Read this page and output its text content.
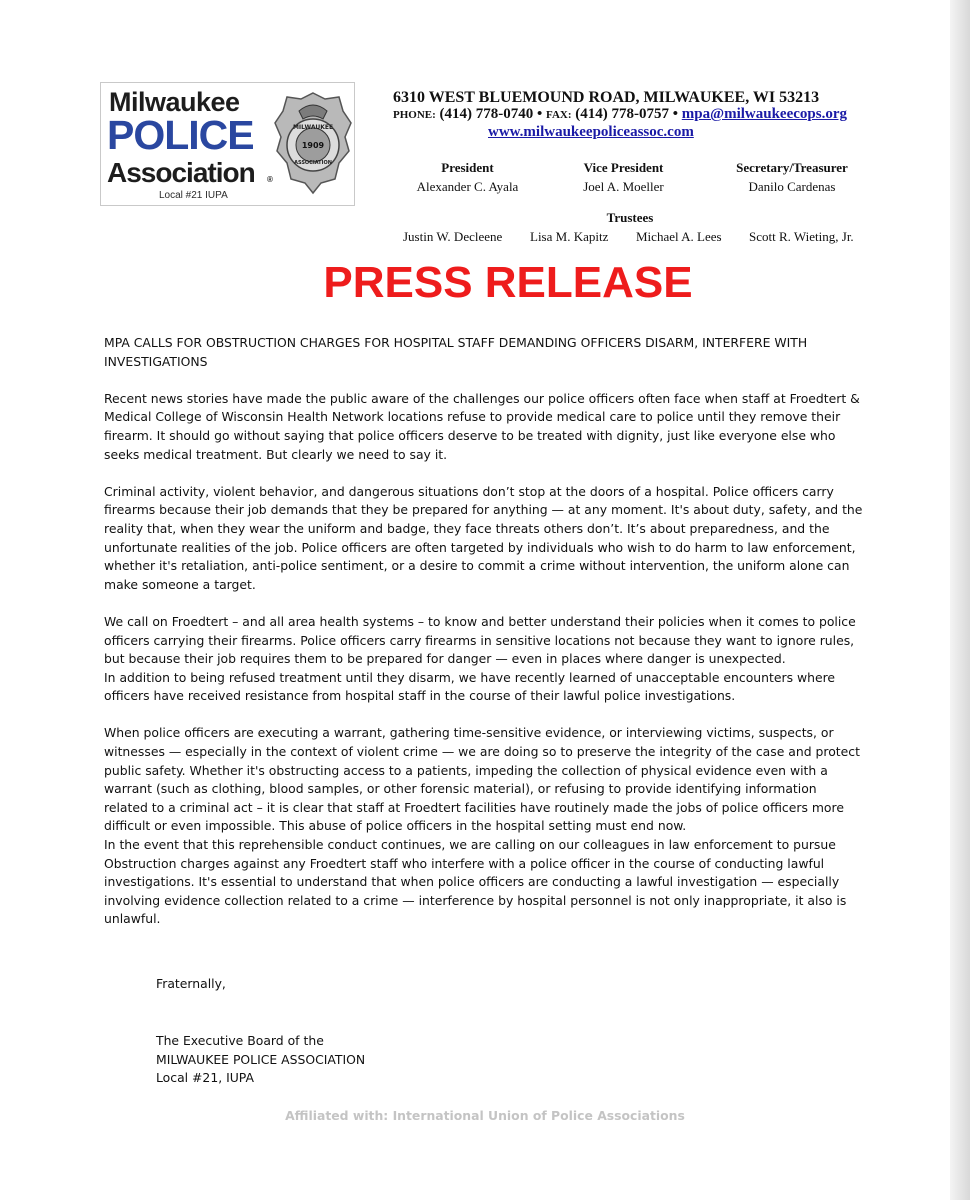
Milwaukee
POLICE
Association ®
Local #21 IUPA
MILWAUKEE
1909
ASSOCIATION
6310 WEST BLUEMOUND ROAD, MILWAUKEE, WI 53213
PHONE: (414) 778-0740 • FAX: (414) 778-0757 • mpa@milwaukeecops.org
www.milwaukeepoliceassoc.com
President
Alexander C. Ayala
Vice President
Joel A. Moeller
Secretary/Treasurer
Danilo Cardenas
Trustees
Justin W. Decleene Lisa M. Kapitz Michael A. Lees Scott R. Wieting, Jr.
PRESS RELEASE

MPA CALLS FOR OBSTRUCTION CHARGES FOR HOSPITAL STAFF DEMANDING OFFICERS DISARM, INTERFERE WITH INVESTIGATIONS

Recent news stories have made the public aware of the challenges our police officers often face when staff at Froedtert & Medical College of Wisconsin Health Network locations refuse to provide medical care to police until they remove their firearm. It should go without saying that police officers deserve to be treated with dignity, just like everyone else who seeks medical treatment. But clearly we need to say it.

Criminal activity, violent behavior, and dangerous situations don’t stop at the doors of a hospital. Police officers carry firearms because their job demands that they be prepared for anything — at any moment. It's about duty, safety, and the reality that, when they wear the uniform and badge, they face threats others don’t. It’s about preparedness, and the unfortunate realities of the job. Police officers are often targeted by individuals who wish to do harm to law enforcement, whether it's retaliation, anti-police sentiment, or a desire to commit a crime without intervention, the uniform alone can make someone a target.

We call on Froedtert – and all area health systems – to know and better understand their policies when it comes to police officers carrying their firearms. Police officers carry firearms in sensitive locations not because they want to ignore rules, but because their job requires them to be prepared for danger — even in places where danger is unexpected.

In addition to being refused treatment until they disarm, we have recently learned of unacceptable encounters where officers have received resistance from hospital staff in the course of their lawful police investigations.

When police officers are executing a warrant, gathering time-sensitive evidence, or interviewing victims, suspects, or witnesses — especially in the context of violent crime — we are doing so to preserve the integrity of the case and protect public safety. Whether it's obstructing access to a patients, impeding the collection of physical evidence even with a warrant (such as clothing, blood samples, or other forensic material), or refusing to provide identifying information related to a criminal act – it is clear that staff at Froedtert facilities have routinely made the jobs of police officers more difficult or even impossible. This abuse of police officers in the hospital setting must end now.

In the event that this reprehensible conduct continues, we are calling on our colleagues in law enforcement to pursue Obstruction charges against any Froedtert staff who interfere with a police officer in the course of conducting lawful investigations. It's essential to understand that when police officers are conducting a lawful investigation — especially involving evidence collection related to a crime — interference by hospital personnel is not only inappropriate, it also is unlawful.

Fraternally,
The Executive Board of the
MILWAUKEE POLICE ASSOCIATION
Local #21, IUPA
Affiliated with: International Union of Police Associations
